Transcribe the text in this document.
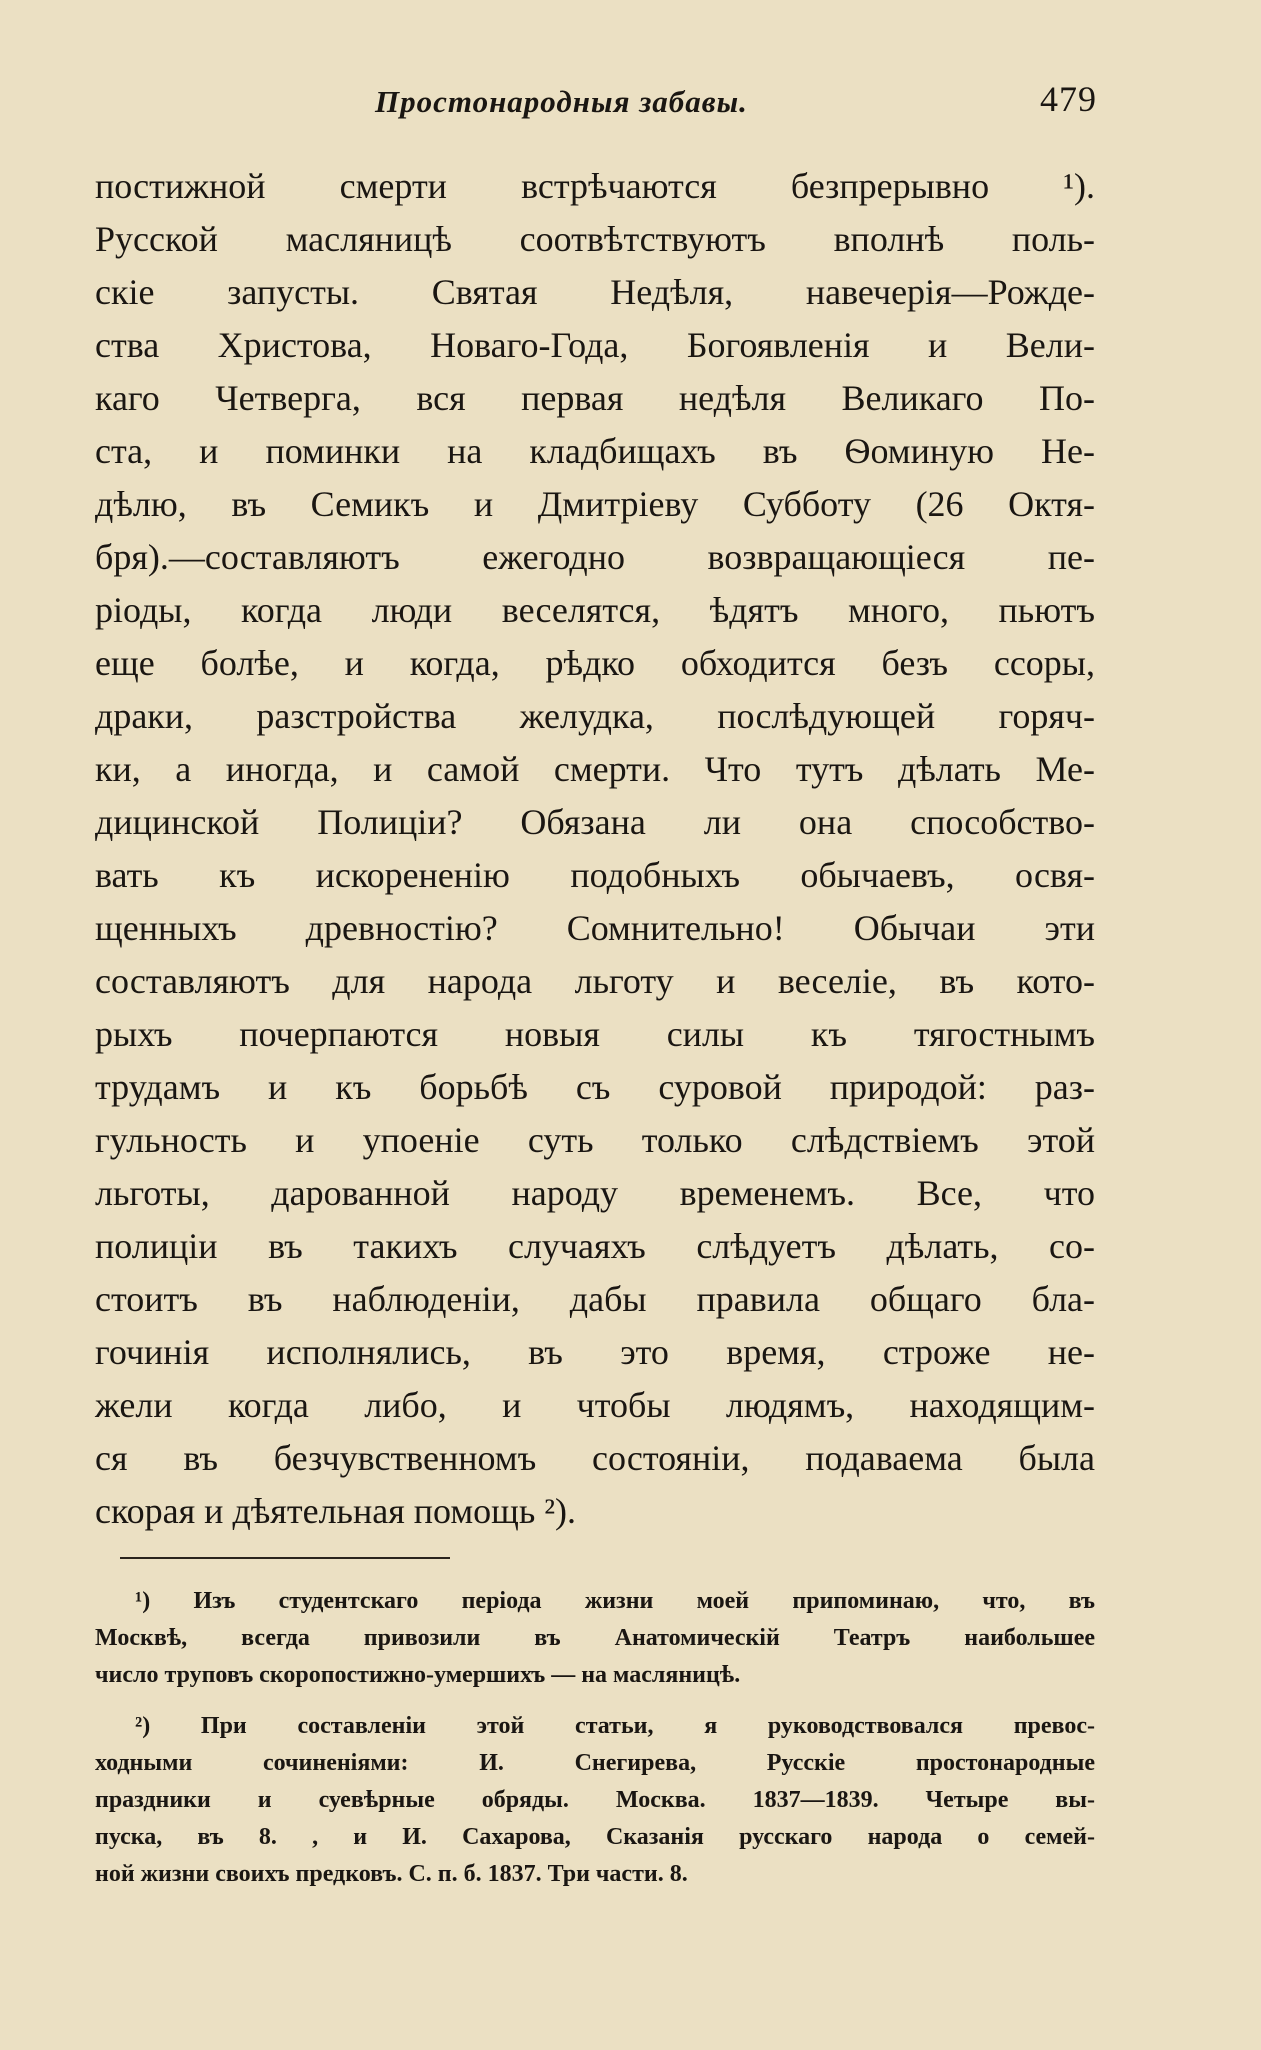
Простонародныя забавы.	479
постижной смерти встрѣчаются безпрерывно ¹).
Русской масляницѣ соотвѣтствуютъ вполнѣ поль-
скіе запусты. Святая Недѣля, навечерія—Рожде-
ства Христова, Новаго-Года, Богоявленія и Вели-
каго Четверга, вся первая недѣля Великаго По-
ста, и поминки на кладбищахъ въ Ѳоминую Не-
дѣлю, въ Семикъ и Дмитріеву Субботу (26 Октя-
бря).—составляютъ ежегодно возвращающіеся пе-
ріоды, когда люди веселятся, ѣдятъ много, пьютъ
еще болѣе, и когда, рѣдко обходится безъ ссоры,
драки, разстройства желудка, послѣдующей горяч-
ки, а иногда, и самой смерти. Что тутъ дѣлать Ме-
дицинской Полиціи? Обязана ли она способство-
вать къ искорененію подобныхъ обычаевъ, освя-
щенныхъ древностію? Сомнительно! Обычаи эти
составляютъ для народа льготу и веселіе, въ кото-
рыхъ почерпаются новыя силы къ тягостнымъ
трудамъ и къ борьбѣ съ суровой природой: раз-
гульность и упоеніе суть только слѣдствіемъ этой
льготы, дарованной народу временемъ. Все, что
полиціи въ такихъ случаяхъ слѣдуетъ дѣлать, со-
стоитъ въ наблюденіи, дабы правила общаго бла-
гочинія исполнялись, въ это время, строже не-
жели когда либо, и чтобы людямъ, находящим-
ся въ безчувственномъ состояніи, подаваема была
скорая и дѣятельная помощь ²).
¹) Изъ студентскаго періода жизни моей припоминаю, что, въ
Москвѣ, всегда привозили въ Анатомическій Театръ наибольшее
число труповъ скоропостижно-умершихъ — на масляницѣ.
²) При составленіи этой статьи, я руководствовался превос-
ходными сочиненіями: И. Снегирева, Русскіе простонародные
праздники и суевѣрные обряды. Москва. 1837—1839. Четыре вы-
пуска, въ 8. , и И. Сахарова, Сказанія русскаго народа о семей-
ной жизни своихъ предковъ. С. п. б. 1837. Три части. 8.
